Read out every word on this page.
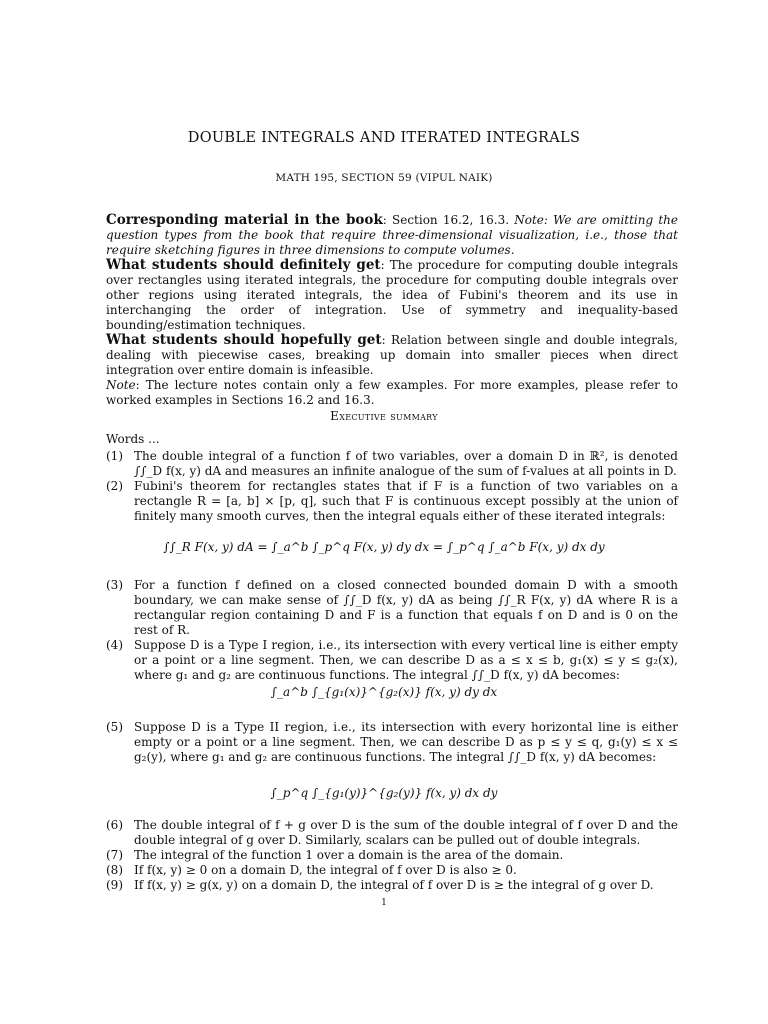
DOUBLE INTEGRALS AND ITERATED INTEGRALS
MATH 195, SECTION 59 (VIPUL NAIK)

Corresponding material in the book: Section 16.2, 16.3. Note: We are omitting the question types from the book that require three-dimensional visualization, i.e., those that require sketching figures in three dimensions to compute volumes.

What students should definitely get: The procedure for computing double integrals over rectangles using iterated integrals, the procedure for computing double integrals over other regions using iterated integrals, the idea of Fubini's theorem and its use in interchanging the order of integration. Use of symmetry and inequality-based bounding/estimation techniques.

What students should hopefully get: Relation between single and double integrals, dealing with piecewise cases, breaking up domain into smaller pieces when direct integration over entire domain is infeasible.

Note: The lecture notes contain only a few examples. For more examples, please refer to worked examples in Sections 16.2 and 16.3.

Executive summary
Words ...
(1) The double integral of a function f of two variables, over a domain D in ℝ², is denoted ∫∫_D f(x, y) dA and measures an infinite analogue of the sum of f-values at all points in D.
(2) Fubini's theorem for rectangles states that if F is a function of two variables on a rectangle R = [a, b] × [p, q], such that F is continuous except possibly at the union of finitely many smooth curves, then the integral equals either of these iterated integrals:
∫∫_R F(x, y) dA = ∫_a^b ∫_p^q F(x, y) dy dx = ∫_p^q ∫_a^b F(x, y) dx dy
(3) For a function f defined on a closed connected bounded domain D with a smooth boundary, we can make sense of ∫∫_D f(x, y) dA as being ∫∫_R F(x, y) dA where R is a rectangular region containing D and F is a function that equals f on D and is 0 on the rest of R.
(4) Suppose D is a Type I region, i.e., its intersection with every vertical line is either empty or a point or a line segment. Then, we can describe D as a ≤ x ≤ b, g₁(x) ≤ y ≤ g₂(x), where g₁ and g₂ are continuous functions. The integral ∫∫_D f(x, y) dA becomes:
∫_a^b ∫_{g₁(x)}^{g₂(x)} f(x, y) dy dx
(5) Suppose D is a Type II region, i.e., its intersection with every horizontal line is either empty or a point or a line segment. Then, we can describe D as p ≤ y ≤ q, g₁(y) ≤ x ≤ g₂(y), where g₁ and g₂ are continuous functions. The integral ∫∫_D f(x, y) dA becomes:
∫_p^q ∫_{g₁(y)}^{g₂(y)} f(x, y) dx dy
(6) The double integral of f + g over D is the sum of the double integral of f over D and the double integral of g over D. Similarly, scalars can be pulled out of double integrals.
(7) The integral of the function 1 over a domain is the area of the domain.
(8) If f(x, y) ≥ 0 on a domain D, the integral of f over D is also ≥ 0.
(9) If f(x, y) ≥ g(x, y) on a domain D, the integral of f over D is ≥ the integral of g over D.
1
